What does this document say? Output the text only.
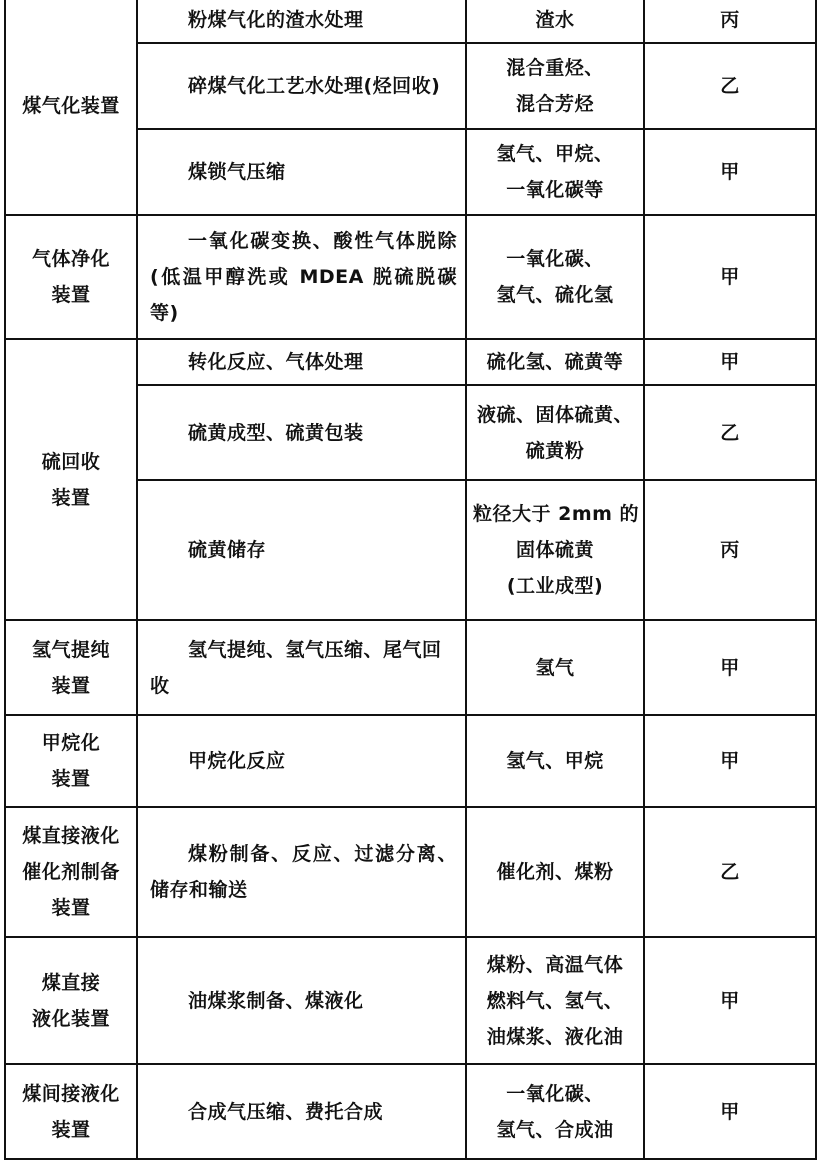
煤气化装置	粉煤气化的渣水处理	渣水	丙

	碎煤气化工艺水处理(烃回收)	混合重烃、
混合芳烃	乙

	煤锁气压缩	氢气、甲烷、
一氧化碳等	甲

气体净化
装置	一氧化碳变换、酸性气体脱除(低温甲醇洗或 MDEA 脱硫脱碳等)	一氧化碳、
氢气、硫化氢	甲

硫回收
装置	转化反应、气体处理	硫化氢、硫黄等	甲

	硫黄成型、硫黄包装	液硫、固体硫黄、
硫黄粉	乙

	硫黄储存	粒径大于 2mm 的
固体硫黄
(工业成型)	丙

氢气提纯
装置	氢气提纯、氢气压缩、尾气回收	氢气	甲

甲烷化
装置	甲烷化反应	氢气、甲烷	甲

煤直接液化
催化剂制备
装置	煤粉制备、反应、过滤分离、储存和输送	催化剂、煤粉	乙

煤直接
液化装置	油煤浆制备、煤液化	煤粉、高温气体
燃料气、氢气、
油煤浆、液化油	甲

煤间接液化
装置	合成气压缩、费托合成	一氧化碳、
氢气、合成油	甲
